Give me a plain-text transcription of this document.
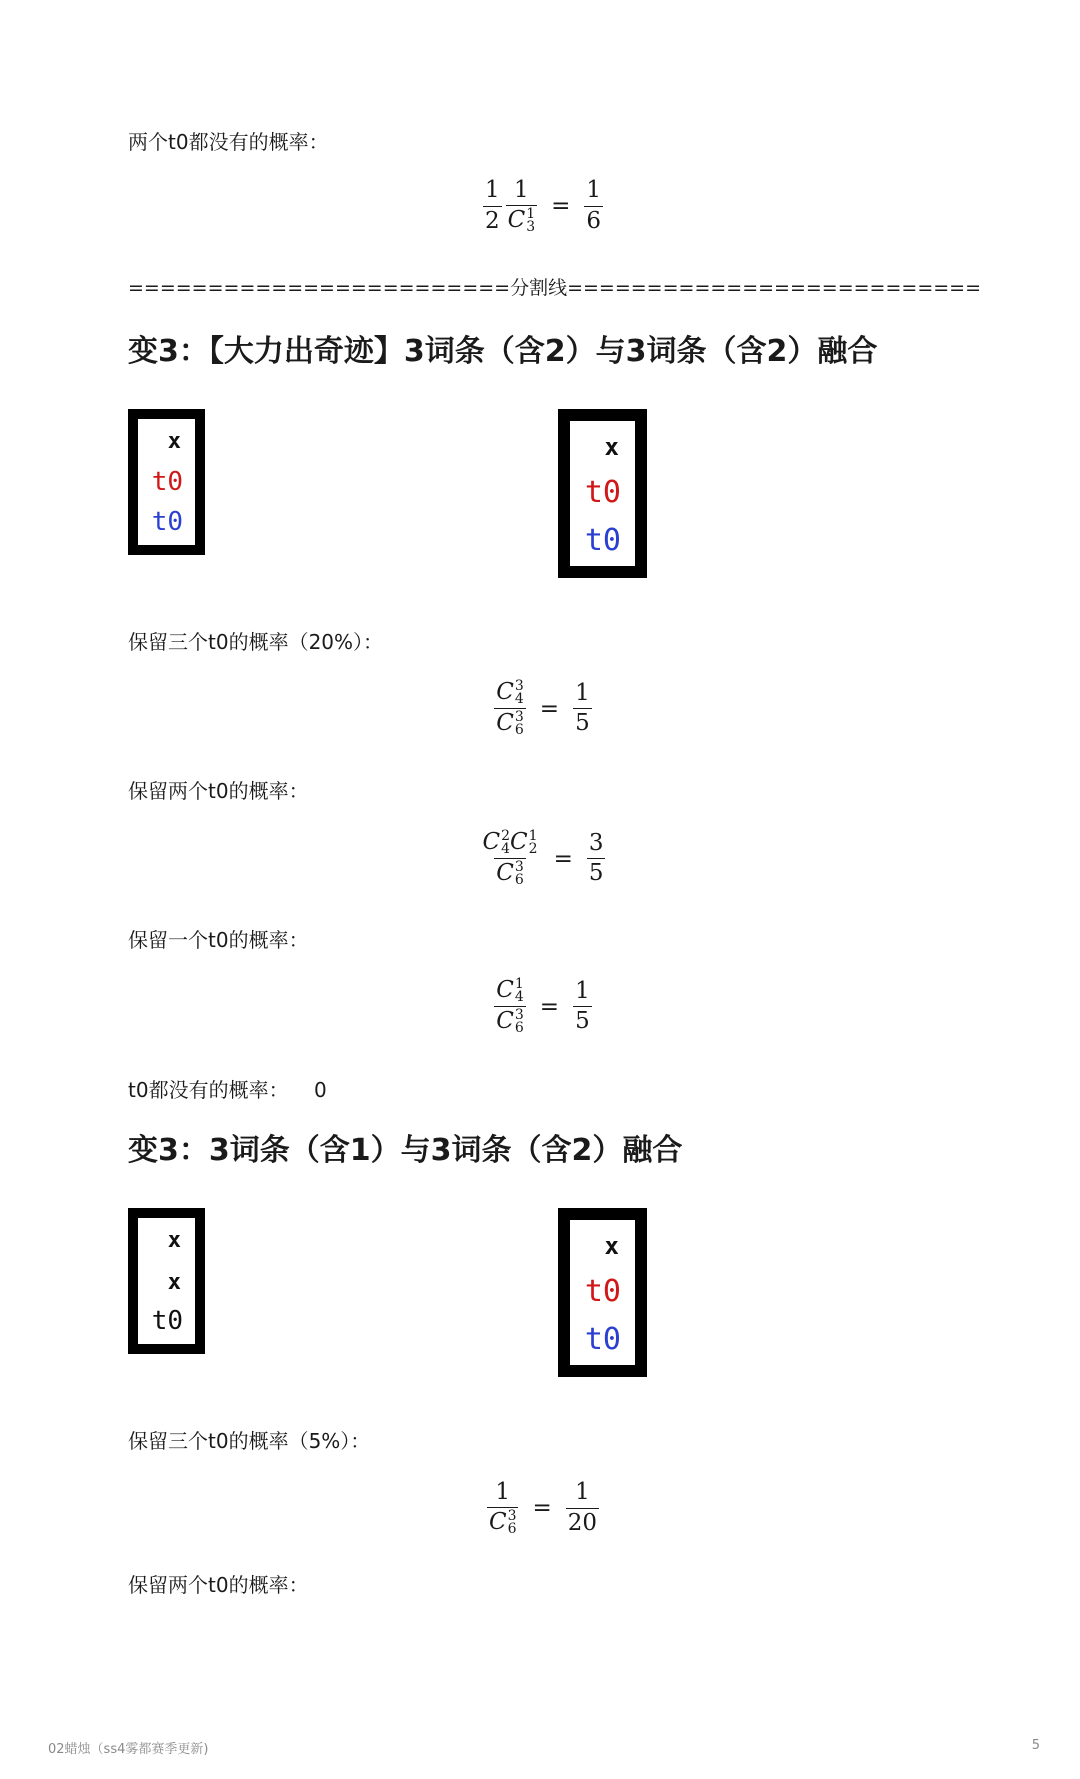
两个t0都没有的概率：
$\frac{1}{2} 1$
C 1
$3 = \frac{1}{6}$
========================分割线==========================
变3：【大力出奇迹】3词条（含2）与3词条（含2）融合
x
t0
t0
x
t0
t0
保留三个t0的概率（20%）：
C 3
4
C 3
$6 = \frac{1}{5}$
保留两个t0的概率：
C 2
4 C 1
2
C 3
$6 = \frac{3}{5}$
保留一个t0的概率：
C 1
4
C 3
$6 = \frac{1}{5}$
t0都没有的概率：    0
变3：3词条（含1）与3词条（含2）融合
x
x
t0
x
t0
t0
保留三个t0的概率（5%）：
1
C 3
$6 = \frac{1}{20}$
保留两个t0的概率：
02蜡烛（ss4雾都赛季更新)	5
